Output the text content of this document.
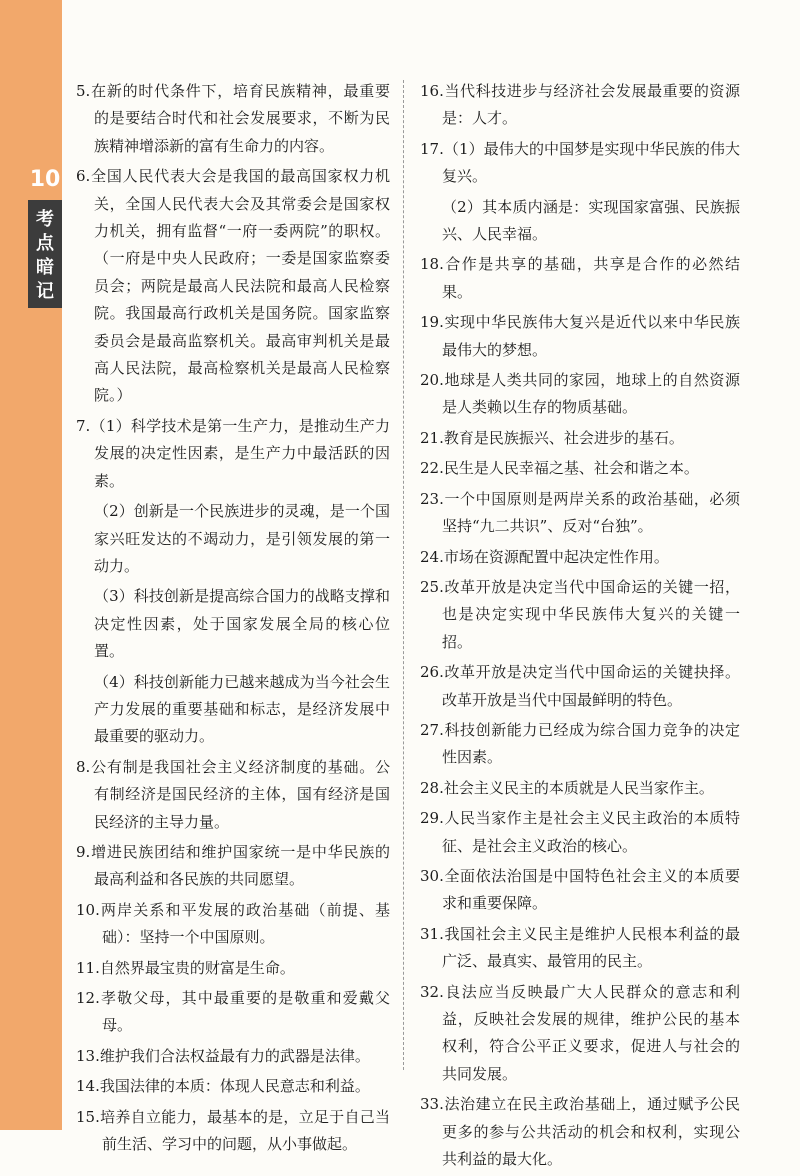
10
考
点
暗
记
5.在新的时代条件下，培育民族精神，最重要的是要结合时代和社会发展要求，不断为民族精神增添新的富有生命力的内容。
6.全国人民代表大会是我国的最高国家权力机关，全国人民代表大会及其常委会是国家权力机关，拥有监督“一府一委两院”的职权。（一府是中央人民政府；一委是国家监察委员会；两院是最高人民法院和最高人民检察院。我国最高行政机关是国务院。国家监察委员会是最高监察机关。最高审判机关是最高人民法院，最高检察机关是最高人民检察院。）
7.（1）科学技术是第一生产力，是推动生产力发展的决定性因素，是生产力中最活跃的因素。
（2）创新是一个民族进步的灵魂，是一个国家兴旺发达的不竭动力，是引领发展的第一动力。
（3）科技创新是提高综合国力的战略支撑和决定性因素，处于国家发展全局的核心位置。
（4）科技创新能力已越来越成为当今社会生产力发展的重要基础和标志，是经济发展中最重要的驱动力。
8.公有制是我国社会主义经济制度的基础。公有制经济是国民经济的主体，国有经济是国民经济的主导力量。
9.增进民族团结和维护国家统一是中华民族的最高利益和各民族的共同愿望。
10.两岸关系和平发展的政治基础（前提、基础）：坚持一个中国原则。
11.自然界最宝贵的财富是生命。
12.孝敬父母，其中最重要的是敬重和爱戴父母。
13.维护我们合法权益最有力的武器是法律。
14.我国法律的本质：体现人民意志和利益。
15.培养自立能力，最基本的是，立足于自己当前生活、学习中的问题，从小事做起。
16.当代科技进步与经济社会发展最重要的资源是：人才。
17.（1）最伟大的中国梦是实现中华民族的伟大复兴。
（2）其本质内涵是：实现国家富强、民族振兴、人民幸福。
18.合作是共享的基础，共享是合作的必然结果。
19.实现中华民族伟大复兴是近代以来中华民族最伟大的梦想。
20.地球是人类共同的家园，地球上的自然资源是人类赖以生存的物质基础。
21.教育是民族振兴、社会进步的基石。
22.民生是人民幸福之基、社会和谐之本。
23.一个中国原则是两岸关系的政治基础，必须坚持“九二共识”、反对“台独”。
24.市场在资源配置中起决定性作用。
25.改革开放是决定当代中国命运的关键一招，也是决定实现中华民族伟大复兴的关键一招。
26.改革开放是决定当代中国命运的关键抉择。改革开放是当代中国最鲜明的特色。
27.科技创新能力已经成为综合国力竞争的决定性因素。
28.社会主义民主的本质就是人民当家作主。
29.人民当家作主是社会主义民主政治的本质特征、是社会主义政治的核心。
30.全面依法治国是中国特色社会主义的本质要求和重要保障。
31.我国社会主义民主是维护人民根本利益的最广泛、最真实、最管用的民主。
32.良法应当反映最广大人民群众的意志和利益，反映社会发展的规律，维护公民的基本权利，符合公平正义要求，促进人与社会的共同发展。
33.法治建立在民主政治基础上，通过赋予公民更多的参与公共活动的机会和权利，实现公共利益的最大化。
